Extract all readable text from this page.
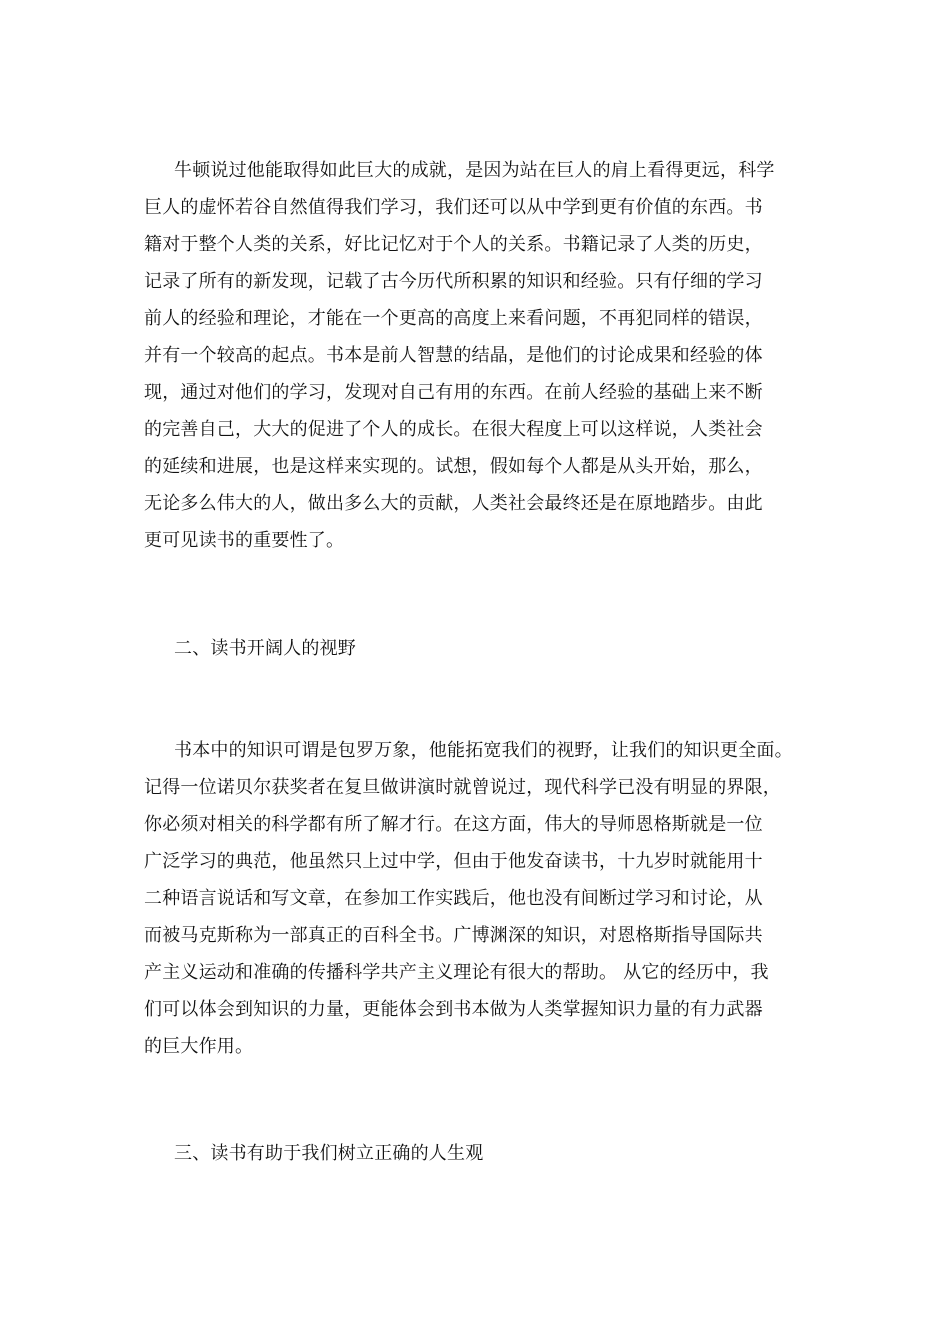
牛顿说过他能取得如此巨大的成就，是因为站在巨人的肩上看得更远，科学
巨人的虚怀若谷自然值得我们学习，我们还可以从中学到更有价值的东西。书
籍对于整个人类的关系，好比记忆对于个人的关系。书籍记录了人类的历史，
记录了所有的新发现，记载了古今历代所积累的知识和经验。只有仔细的学习
前人的经验和理论，才能在一个更高的高度上来看问题，不再犯同样的错误，
并有一个较高的起点。书本是前人智慧的结晶，是他们的讨论成果和经验的体
现，通过对他们的学习，发现对自己有用的东西。在前人经验的基础上来不断
的完善自己，大大的促进了个人的成长。在很大程度上可以这样说，人类社会
的延续和进展，也是这样来实现的。试想，假如每个人都是从头开始，那么，
无论多么伟大的人，做出多么大的贡献，人类社会最终还是在原地踏步。由此
更可见读书的重要性了。
二、读书开阔人的视野
书本中的知识可谓是包罗万象，他能拓宽我们的视野，让我们的知识更全面。
记得一位诺贝尔获奖者在复旦做讲演时就曾说过，现代科学已没有明显的界限，
你必须对相关的科学都有所了解才行。在这方面，伟大的导师恩格斯就是一位
广泛学习的典范，他虽然只上过中学，但由于他发奋读书，十九岁时就能用十
二种语言说话和写文章，在参加工作实践后，他也没有间断过学习和讨论，从
而被马克斯称为一部真正的百科全书。广博渊深的知识，对恩格斯指导国际共
产主义运动和准确的传播科学共产主义理论有很大的帮助。 从它的经历中，我
们可以体会到知识的力量，更能体会到书本做为人类掌握知识力量的有力武器
的巨大作用。
三、读书有助于我们树立正确的人生观
